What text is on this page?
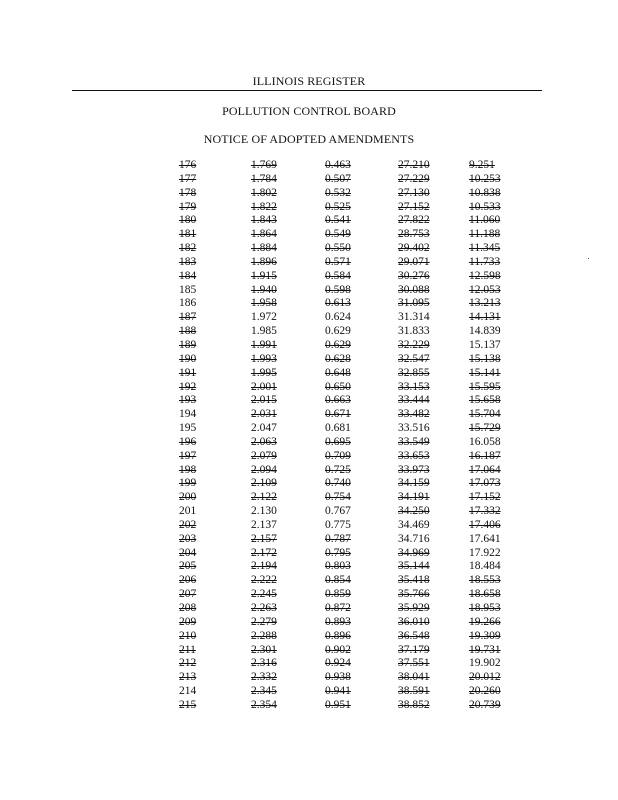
ILLINOIS REGISTER
POLLUTION CONTROL BOARD
NOTICE OF ADOPTED AMENDMENTS
176	1.769	0.463	27.210	9.251
177	1.784	0.507	27.229	10.253
178	1.802	0.532	27.130	10.838
179	1.822	0.525	27.152	10.533
180	1.843	0.541	27.822	11.060
181	1.864	0.549	28.753	11.188
182	1.884	0.550	29.402	11.345
183	1.896	0.571	29.071	11.733
184	1.915	0.584	30.276	12.598
185	1.940	0.598	30.088	12.053
186	1.958	0.613	31.095	13.213
187	1.972	0.624	31.314	14.131
188	1.985	0.629	31.833	14.839
189	1.991	0.629	32.229	15.137
190	1.993	0.628	32.547	15.138
191	1.995	0.648	32.855	15.141
192	2.001	0.650	33.153	15.595
193	2.015	0.663	33.444	15.658
194	2.031	0.671	33.482	15.704
195	2.047	0.681	33.516	15.729
196	2.063	0.695	33.549	16.058
197	2.079	0.709	33.653	16.187
198	2.094	0.725	33.973	17.064
199	2.109	0.740	34.159	17.073
200	2.122	0.754	34.191	17.152
201	2.130	0.767	34.250	17.332
202	2.137	0.775	34.469	17.406
203	2.157	0.787	34.716	17.641
204	2.172	0.795	34.969	17.922
205	2.194	0.803	35.144	18.484
206	2.222	0.854	35.418	18.553
207	2.245	0.859	35.766	18.658
208	2.263	0.872	35.929	18.953
209	2.279	0.893	36.010	19.266
210	2.288	0.896	36.548	19.309
211	2.301	0.902	37.179	19.731
212	2.316	0.924	37.551	19.902
213	2.332	0.938	38.041	20.012
214	2.345	0.941	38.591	20.260
215	2.354	0.951	38.852	20.739
